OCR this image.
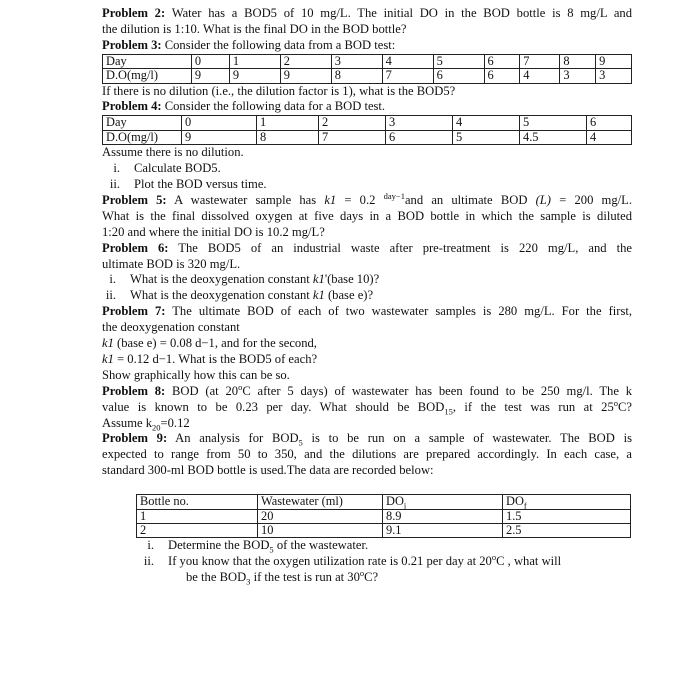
Problem 2: Water has a BOD5 of 10 mg/L. The initial DO in the BOD bottle is 8 mg/L and
the dilution is 1:10. What is the final DO in the BOD bottle?
Problem 3: Consider the following data from a BOD test:
Day	0	1	2	3	4	5	6	7	8	9
D.O(mg/l)	9	9	9	8	7	6	6	4	3	3
If there is no dilution (i.e., the dilution factor is 1), what is the BOD5?
Problem 4: Consider the following data for a BOD test.
Day	0	1	2	3	4	5	6
D.O(mg/l)	9	8	7	6	5	4.5	4
Assume there is no dilution.
i. Calculate BOD5.
ii. Plot the BOD versus time.
Problem 5: A wastewater sample has k1 = 0.2 $^{day-1}$and an ultimate BOD (L) = 200 mg/L.
What is the final dissolved oxygen at five days in a BOD bottle in which the sample is diluted
1:20 and where the initial DO is 10.2 mg/L?
Problem 6: The BOD5 of an industrial waste after pre-treatment is 220 mg/L, and the
ultimate BOD is 320 mg/L.
i. What is the deoxygenation constant k1'(base 10)?
ii. What is the deoxygenation constant k1 (base e)?
Problem 7: The ultimate BOD of each of two wastewater samples is 280 mg/L. For the first,
the deoxygenation constant
k1 (base e) = 0.08 d−1, and for the second,
k1 = 0.12 d−1. What is the BOD5 of each?
Show graphically how this can be so.
Problem 8: BOD (at 20$^o$C after 5 days) of wastewater has been found to be 250 mg/l. The k
value is known to be 0.23 per day. What should be $BOD_{15}$, if the test was run at 25$^o$C?
Assume $k_{20}=0.12$
Problem 9: An analysis for $BOD_5$ is to be run on a sample of wastewater. The BOD is
expected to range from 50 to 350, and the dilutions are prepared accordingly. In each case, a
standard 300-ml BOD bottle is used.The data are recorded below:
Bottle no.	Wastewater (ml)	$DO_i$	$DO_f$
1	20	8.9	1.5
2	10	9.1	2.5
i. Determine the $BOD_5$ of the wastewater.
ii. If you know that the oxygen utilization rate is 0.21 per day at 20$^o$C , what will
be the $BOD_3$ if the test is run at 30$^o$C?
